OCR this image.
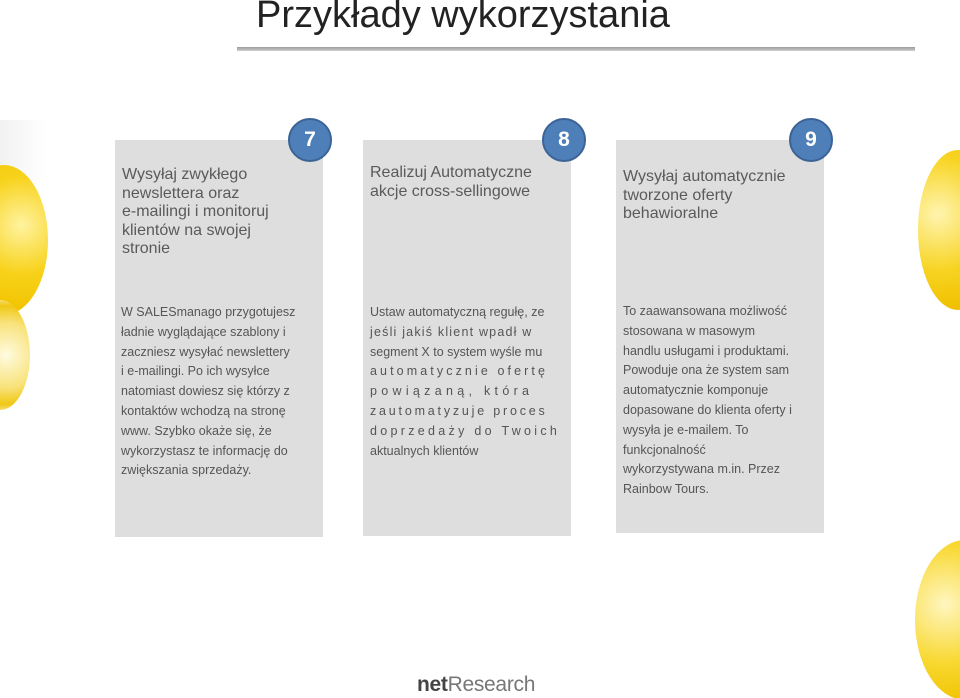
Przykłady wykorzystania
7
Wysyłaj zwykłego
newslettera oraz
e-mailingi i monitoruj
klientów na swojej
stronie
W SALESmanago przygotujesz
ładnie wyglądające szablony i
zaczniesz wysyłać newslettery
i e-mailingi. Po ich wysyłce
natomiast dowiesz się którzy z
kontaktów wchodzą na stronę
www. Szybko okaże się, że
wykorzystasz te informację do
zwiększania sprzedaży.
8
Realizuj Automatyczne
akcje cross-sellingowe
Ustaw automatyczną regułę, ze
jeśli jakiś klient wpadł w
segment X to system wyśle mu
automatycznie ofertę
powiązaną, która
zautomatyzuje proces
doprzedaży do Twoich
aktualnych klientów
9
Wysyłaj automatycznie
tworzone oferty
behawioralne
To zaawansowana możliwość
stosowana w masowym
handlu usługami i produktami.
Powoduje ona że system sam
automatycznie komponuje
dopasowane do klienta oferty i
wysyła je e-mailem. To
funkcjonalność
wykorzystywana m.in. Przez
Rainbow Tours.
netResearch
